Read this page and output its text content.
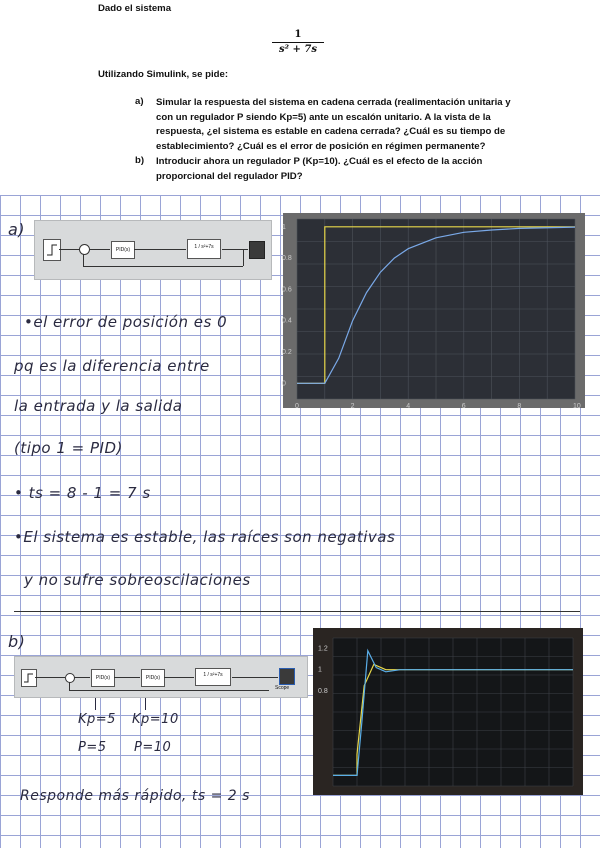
Dado el sistema
$\frac{1}{\text{s² + 7s}}$
Utilizando Simulink, se pide:
a) Simular la respuesta del sistema en cadena cerrada (realimentación unitaria y
con un regulador P siendo Kp=5) ante un escalón unitario. A la vista de la
respuesta, ¿el sistema es estable en cadena cerrada? ¿Cuál es su tiempo de
establecimiento? ¿Cuál es el error de posición en régimen permanente?
b) Introducir ahora un regulador P (Kp=10). ¿Cuál es el efecto de la acción
proporcional del regulador PID?
a)
PID(s)	1 / s²+7s
0	2	4	6	8	10
0
0.2
0.4
0.6
0.8
1
•el error de posición es 0
pq es la diferencia entre
la entrada y la salida
(tipo 1 = PID)
• ts = 8 - 1 = 7 s
•El sistema es estable, las raíces son negativas
y no sufre sobreoscilaciones
b)
PID(s)	PID(s)	1 / s²+7s
Scope
Kp=5 Kp=10
P=5 P=10
Responde más rápido, ts = 2 s
1.2
1
0.8
